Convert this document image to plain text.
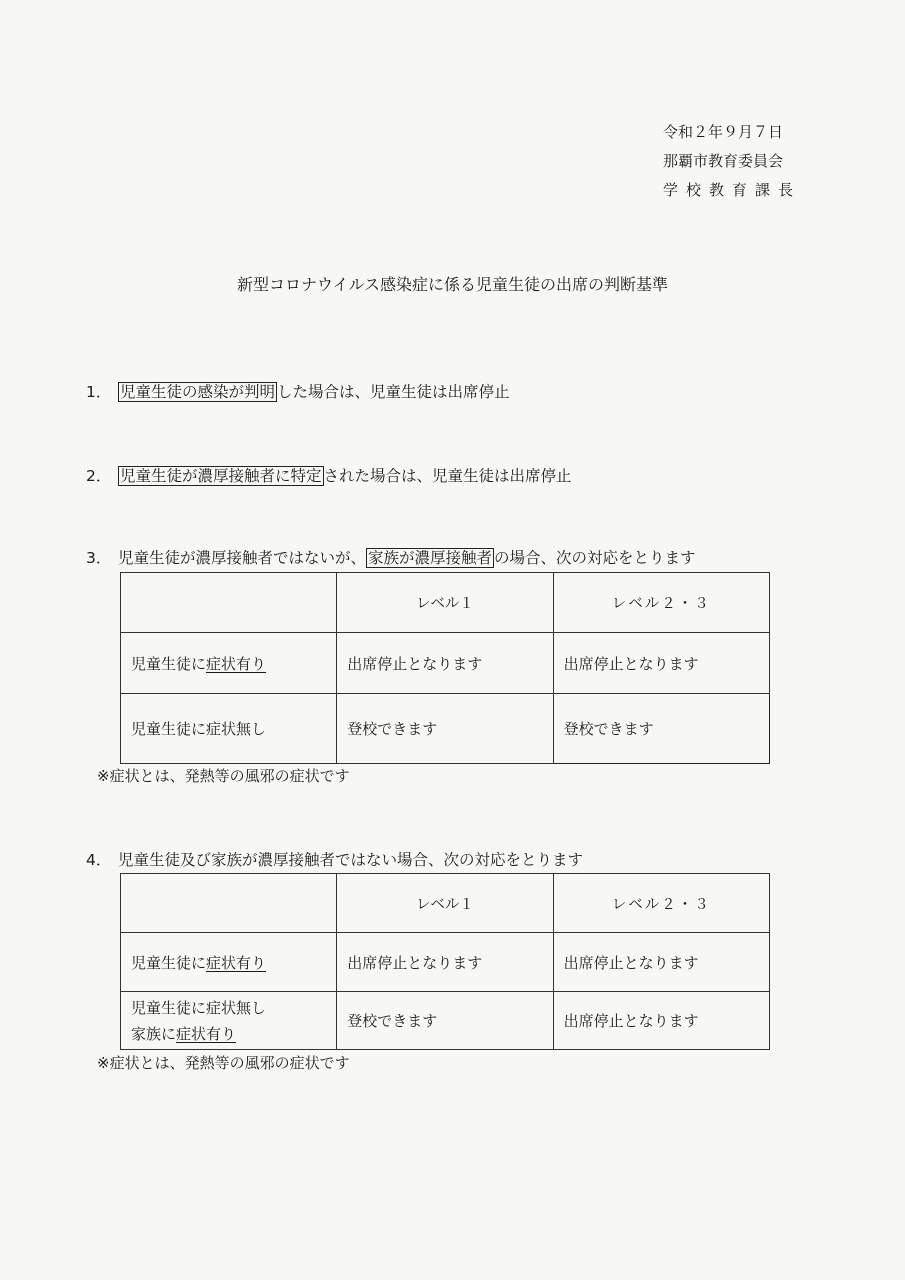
令和２年９月７日
那覇市教育委員会
学校教育課長
新型コロナウイルス感染症に係る児童生徒の出席の判断基準
1． 児童生徒の感染が判明 した場合は、児童生徒は出席停止
2． 児童生徒が濃厚接触者に特定 された場合は、児童生徒は出席停止
3． 児童生徒が濃厚接触者ではないが、 家族が濃厚接触者 の場合、次の対応をとります
	レベル１	レベル２・３
児童生徒に症状有り	出席停止となります	出席停止となります
児童生徒に症状無し	登校できます	登校できます
※症状とは、発熱等の風邪の症状です
4． 児童生徒及び家族が濃厚接触者ではない場合、次の対応をとります
	レベル１	レベル２・３
児童生徒に症状有り	出席停止となります	出席停止となります

児童生徒に症状無し
家族に症状有り	登校できます	出席停止となります
※症状とは、発熱等の風邪の症状です
